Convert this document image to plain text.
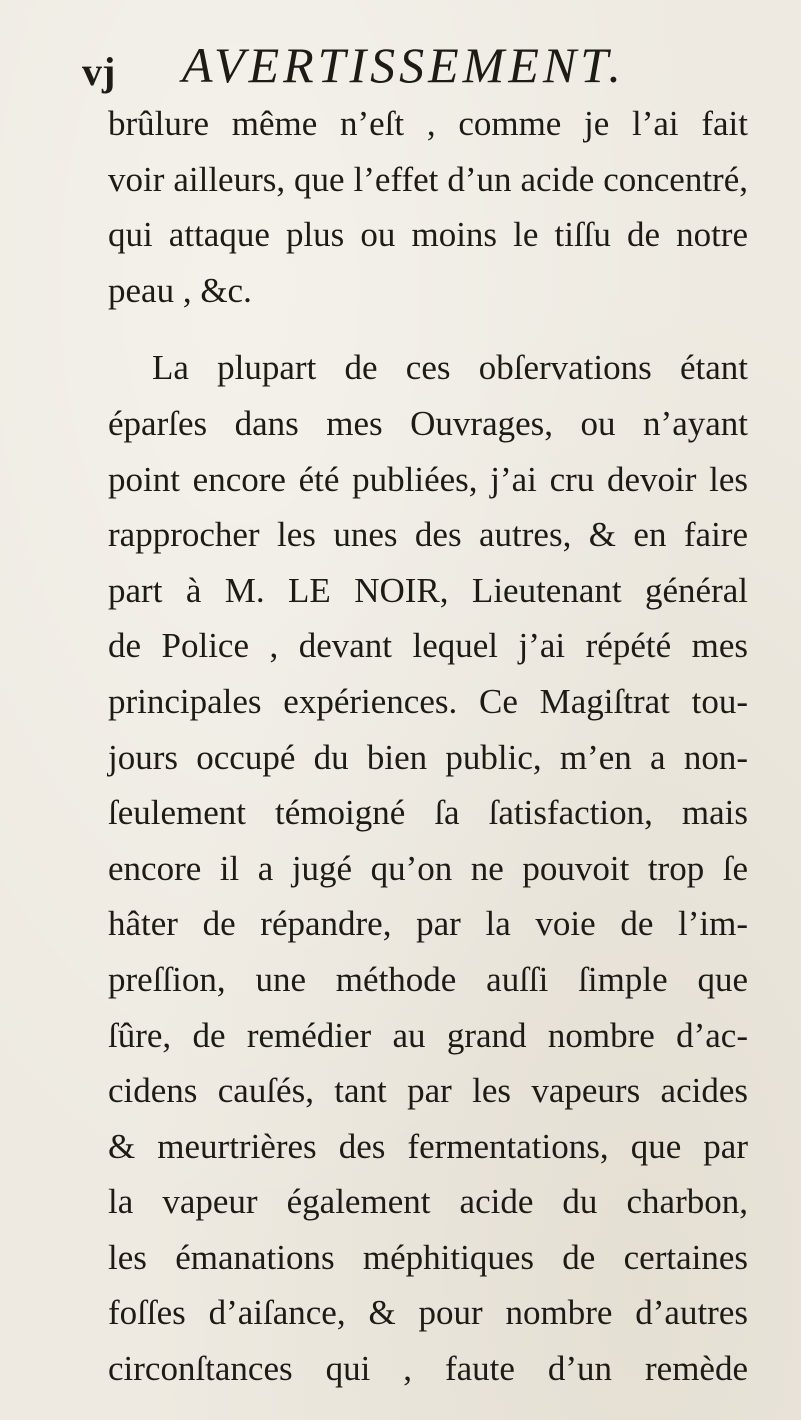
vj AVERTISSEMENT.
brûlure même n’eſt , comme je l’ai fait
voir ailleurs, que l’effet d’un acide concentré,
qui attaque plus ou moins le tiſſu de notre
peau , &c.
La plupart de ces obſervations étant
éparſes dans mes Ouvrages, ou n’ayant
point encore été publiées, j’ai cru devoir les
rapprocher les unes des autres, & en faire
part à M. LE NOIR, Lieutenant général
de Police , devant lequel j’ai répété mes
principales expériences. Ce Magiſtrat tou-
jours occupé du bien public, m’en a non-
ſeulement témoigné ſa ſatisfaction, mais
encore il a jugé qu’on ne pouvoit trop ſe
hâter de répandre, par la voie de l’im-
preſſion, une méthode auſſi ſimple que
ſûre, de remédier au grand nombre d’ac-
cidens cauſés, tant par les vapeurs acides
& meurtrières des fermentations, que par
la vapeur également acide du charbon,
les émanations méphitiques de certaines
foſſes d’aiſance, & pour nombre d’autres
circonſtances qui , faute d’un remède
